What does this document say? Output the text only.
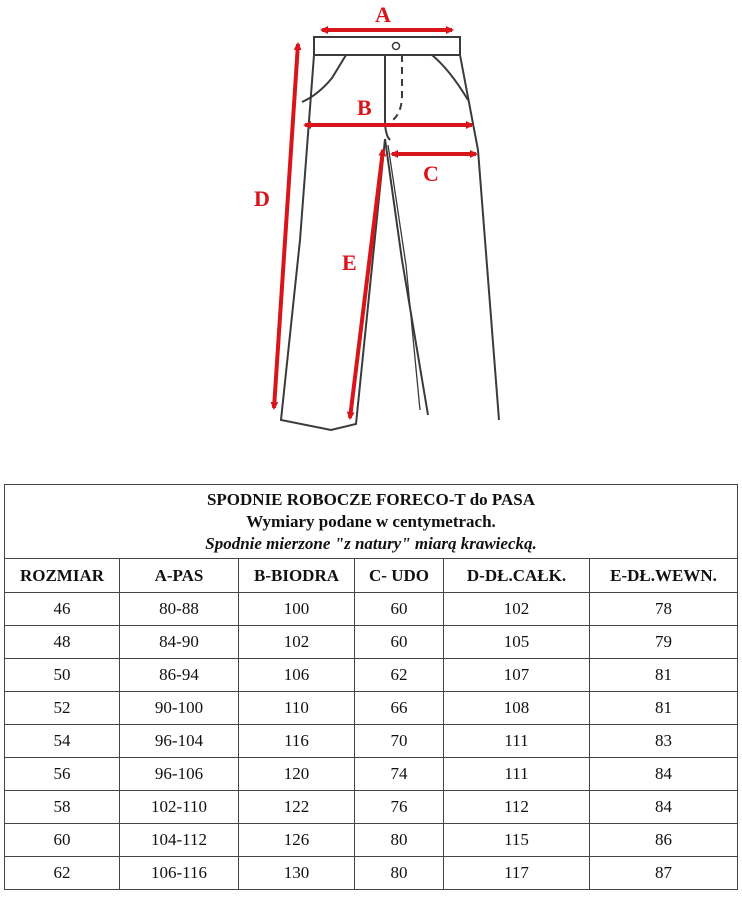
A
B
C
D
E
SPODNIE ROBOCZE FORECO-T do PASA
Wymiary podane w centymetrach.
Spodnie mierzone "z natury" miarą krawiecką.					

ROZMIAR	A-PAS	B-BIODRA	C- UDO	D-DŁ.CAŁK.	E-DŁ.WEWN.
46	80-88	100	60	102	78
48	84-90	102	60	105	79
50	86-94	106	62	107	81
52	90-100	110	66	108	81
54	96-104	116	70	111	83
56	96-106	120	74	111	84
58	102-110	122	76	112	84
60	104-112	126	80	115	86
62	106-116	130	80	117	87
